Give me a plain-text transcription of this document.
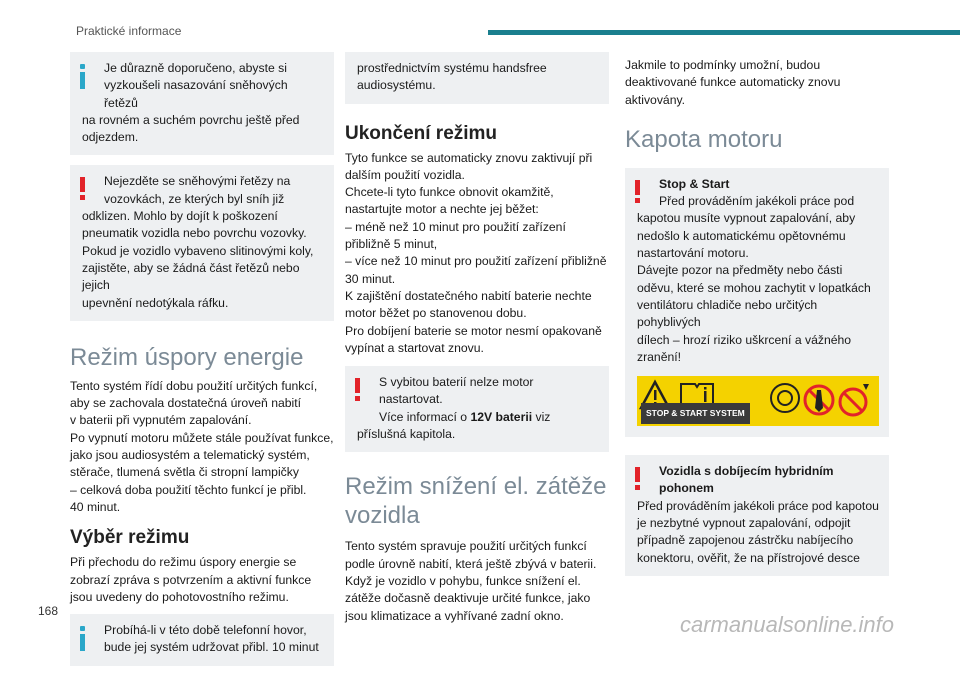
Praktické informace

Je důrazně doporučeno, abyste si

vyzkoušeli nasazování sněhových řetězů

na rovném a suchém povrchu ještě před

odjezdem.

Nejezděte se sněhovými řetězy na

vozovkách, ze kterých byl sníh již

odklizen. Mohlo by dojít k poškození

pneumatik vozidla nebo povrchu vozovky.

Pokud je vozidlo vybaveno slitinovými koly,

zajistěte, aby se žádná část řetězů nebo jejich

upevnění nedotýkala ráfku.

Režim úspory energie

Tento systém řídí dobu použití určitých funkcí,

aby se zachovala dostatečná úroveň nabití

v baterii při vypnutém zapalování.

Po vypnutí motoru můžete stále používat funkce,

jako jsou audiosystém a telematický systém,

stěrače, tlumená světla či stropní lampičky

– celková doba použití těchto funkcí je přibl.

40 minut.

Výběr režimu

Při přechodu do režimu úspory energie se

zobrazí zpráva s potvrzením a aktivní funkce

jsou uvedeny do pohotovostního režimu.

Probíhá-li v této době telefonní hovor,

bude jej systém udržovat přibl. 10 minut

prostřednictvím systému handsfree

audiosystému.

Ukončení režimu

Tyto funkce se automaticky znovu zaktivují při

dalším použití vozidla.

Chcete-li tyto funkce obnovit okamžitě,

nastartujte motor a nechte jej běžet:

– méně než 10 minut pro použití zařízení

přibližně 5 minut,

– více než 10 minut pro použití zařízení přibližně

30 minut.

K zajištění dostatečného nabití baterie nechte

motor běžet po stanovenou dobu.

Pro dobíjení baterie se motor nesmí opakovaně

vypínat a startovat znovu.

S vybitou baterií nelze motor nastartovat.

Více informací o 12V baterii viz

příslušná kapitola.

Režim snížení el. zátěže
vozidla

Tento systém spravuje použití určitých funkcí

podle úrovně nabití, která ještě zbývá v baterii.

Když je vozidlo v pohybu, funkce snížení el.

zátěže dočasně deaktivuje určité funkce, jako

jsou klimatizace a vyhřívané zadní okno.

Jakmile to podmínky umožní, budou

deaktivované funkce automaticky znovu

aktivovány.

Kapota motoru

Stop & Start

Před prováděním jakékoli práce pod

kapotou musíte vypnout zapalování, aby

nedošlo k automatickému opětovnému

nastartování motoru.

Dávejte pozor na předměty nebo části

oděvu, které se mohou zachytit v lopatkách

ventilátoru chladiče nebo určitých pohyblivých

dílech – hrozí riziko uškrcení a vážného

zranění!

STOP & START SYSTEM

Vozidla s dobíjecím hybridním

pohonem

Před prováděním jakékoli práce pod kapotou

je nezbytné vypnout zapalování, odpojit

případně zapojenou zástrčku nabíjecího

konektoru, ověřit, že na přístrojové desce

168
carmanualsonline.info
